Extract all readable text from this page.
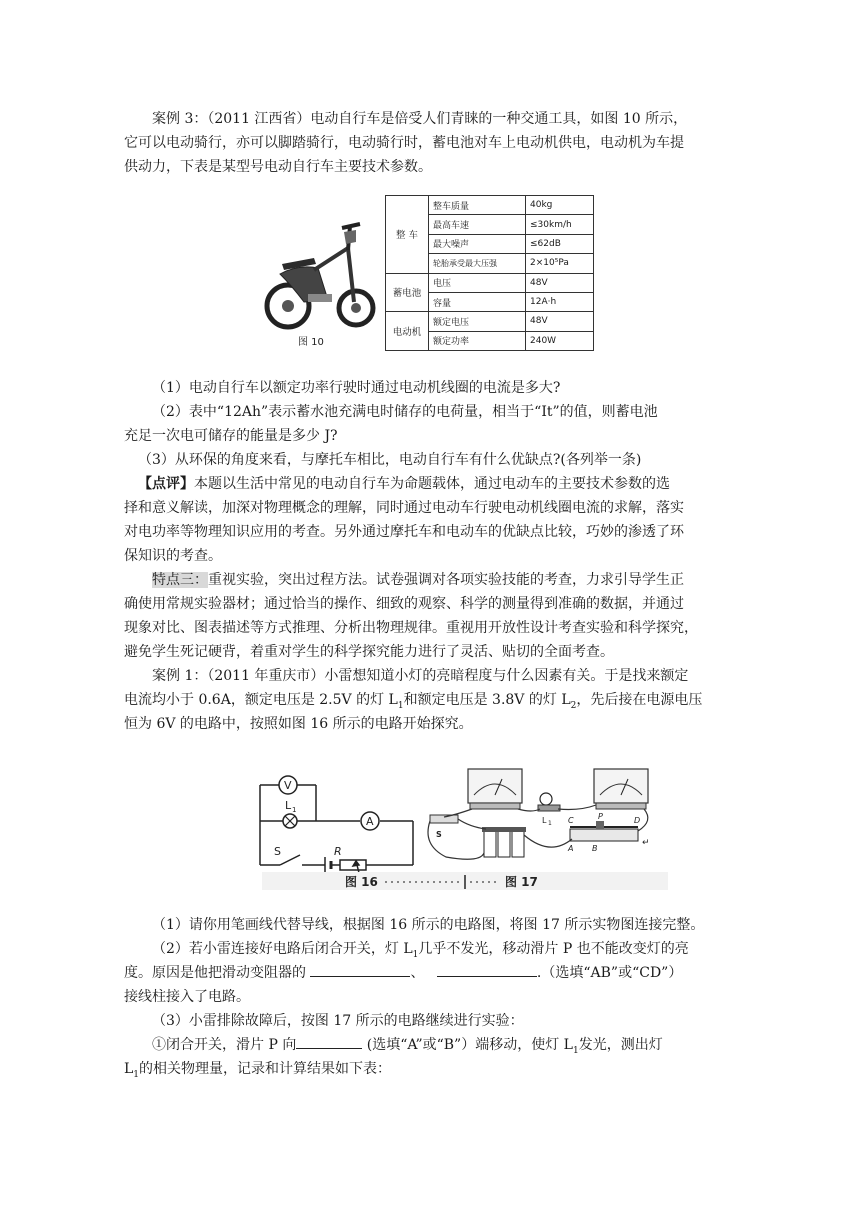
案例 3：（2011 江西省）电动自行车是倍受人们青睐的一种交通工具，如图 10 所示，

它可以电动骑行，亦可以脚踏骑行，电动骑行时，蓄电池对车上电动机供电，电动机为车提

供动力，下表是某型号电动自行车主要技术参数。

图 10
整 车	整车质量	40kg
	最高车速	≤30km/h
	最大噪声	≤62dB
	轮胎承受最大压强	2×10⁵Pa
蓄电池	电压	48V
	容量	12A·h
电动机	额定电压	48V
	额定功率	240W

（1）电动自行车以额定功率行驶时通过电动机线圈的电流是多大?

（2）表中“12Ah”表示蓄水池充满电时储存的电荷量，相当于“It”的值，则蓄电池

充足一次电可储存的能量是多少 J?

（3）从环保的角度来看，与摩托车相比，电动自行车有什么优缺点?(各列举一条)

【点评】本题以生活中常见的电动自行车为命题载体，通过电动车的主要技术参数的选

择和意义解读，加深对物理概念的理解，同时通过电动车行驶电动机线圈电流的求解，落实

对电功率等物理知识应用的考查。另外通过摩托车和电动车的优缺点比较，巧妙的渗透了环

保知识的考查。

特点三：重视实验，突出过程方法。试卷强调对各项实验技能的考查，力求引导学生正

确使用常规实验器材；通过恰当的操作、细致的观察、科学的测量得到准确的数据，并通过

现象对比、图表描述等方式推理、分析出物理规律。重视用开放性设计考查实验和科学探究，

避免学生死记硬背，着重对学生的科学探究能力进行了灵活、贴切的全面考查。

案例 1：（2011 年重庆市）小雷想知道小灯的亮暗程度与什么因素有关。于是找来额定

电流均小于 0.6A，额定电压是 2.5V 的灯 $L_1$和额定电压是 3.8V 的灯 $L_2$，先后接在电源电压

恒为 6V 的电路中，按照如图 16 所示的电路开始探究。

V
L 1
A
S	R
图 16	图 17
L 1
S
C	P	D
A B
↵

（1）请你用笔画线代替导线，根据图 16 所示的电路图，将图 17 所示实物图连接完整。

（2）若小雷连接好电路后闭合开关，灯 $L_1$几乎不发光，移动滑片 P 也不能改变灯的亮

度。原因是他把滑动变阻器的	、	.（选填“AB”或“CD”）

接线柱接入了电路。

（3）小雷排除故障后，按图 17 所示的电路继续进行实验：

①闭合开关，滑片 P 向	(选填“A”或“B”）端移动，使灯 $L_1$发光，测出灯

$L_1$的相关物理量，记录和计算结果如下表：
